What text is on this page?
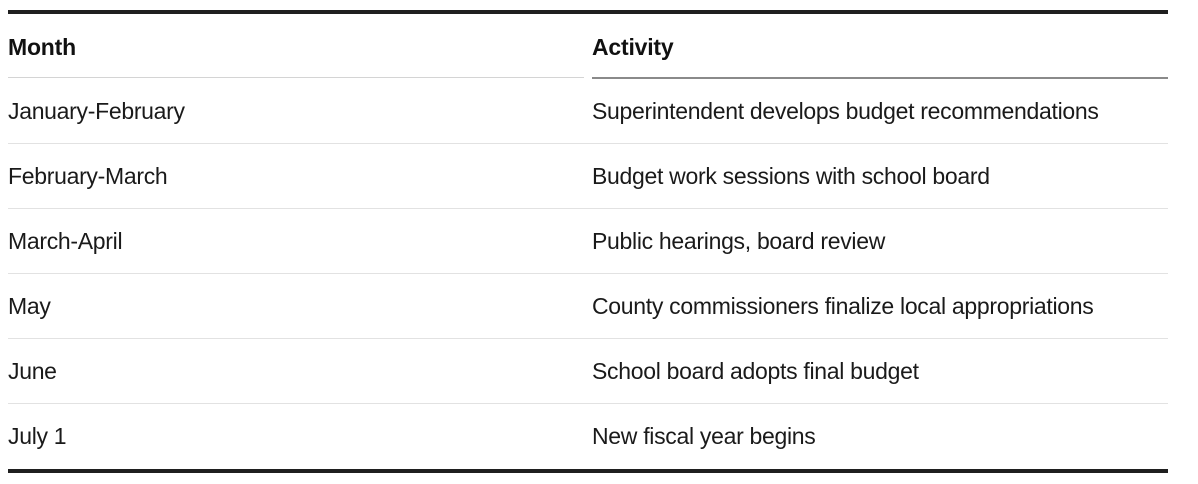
Month	Activity
January-February	Superintendent develops budget recommendations
February-March	Budget work sessions with school board
March-April	Public hearings, board review
May	County commissioners finalize local appropriations
June	School board adopts final budget
July 1	New fiscal year begins
